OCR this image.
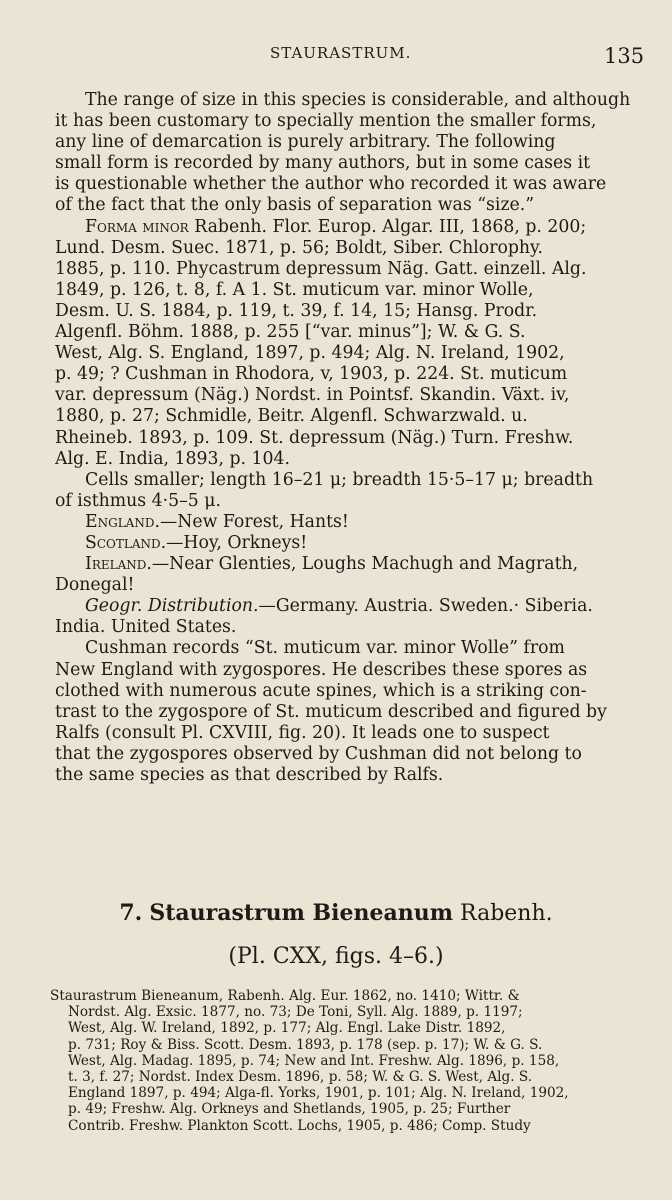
STAURASTRUM.	135
The range of size in this species is considerable, and although
it has been customary to specially mention the smaller forms,
any line of demarcation is purely arbitrary. The following
small form is recorded by many authors, but in some cases it
is questionable whether the author who recorded it was aware
of the fact that the only basis of separation was “size.”
Forma minor Rabenh. Flor. Europ. Algar. III, 1868, p. 200;
Lund. Desm. Suec. 1871, p. 56; Boldt, Siber. Chlorophy.
1885, p. 110. Phycastrum depressum Näg. Gatt. einzell. Alg.
1849, p. 126, t. 8, f. A 1. St. muticum var. minor Wolle,
Desm. U. S. 1884, p. 119, t. 39, f. 14, 15; Hansg. Prodr.
Algenfl. Böhm. 1888, p. 255 [“var. minus”]; W. & G. S.
West, Alg. S. England, 1897, p. 494; Alg. N. Ireland, 1902,
p. 49; ? Cushman in Rhodora, v, 1903, p. 224. St. muticum
var. depressum (Näg.) Nordst. in Pointsf. Skandin. Växt. iv,
1880, p. 27; Schmidle, Beitr. Algenfl. Schwarzwald. u.
Rheineb. 1893, p. 109. St. depressum (Näg.) Turn. Freshw.
Alg. E. India, 1893, p. 104.
Cells smaller; length 16–21 μ; breadth 15·5–17 μ; breadth
of isthmus 4·5–5 μ.
England.—New Forest, Hants!
Scotland.—Hoy, Orkneys!
Ireland.—Near Glenties, Loughs Machugh and Magrath,
Donegal!
Geogr. Distribution.—Germany. Austria. Sweden.· Siberia.
India. United States.
Cushman records “St. muticum var. minor Wolle” from
New England with zygospores. He describes these spores as
clothed with numerous acute spines, which is a striking con-
trast to the zygospore of St. muticum described and figured by
Ralfs (consult Pl. CXVIII, fig. 20). It leads one to suspect
that the zygospores observed by Cushman did not belong to
the same species as that described by Ralfs.
7. Staurastrum Bieneanum Rabenh.
(Pl. CXX, figs. 4–6.)
Staurastrum Bieneanum, Rabenh. Alg. Eur. 1862, no. 1410; Wittr. &
Nordst. Alg. Exsic. 1877, no. 73; De Toni, Syll. Alg. 1889, p. 1197;
West, Alg. W. Ireland, 1892, p. 177; Alg. Engl. Lake Distr. 1892,
p. 731; Roy & Biss. Scott. Desm. 1893, p. 178 (sep. p. 17); W. & G. S.
West, Alg. Madag. 1895, p. 74; New and Int. Freshw. Alg. 1896, p. 158,
t. 3, f. 27; Nordst. Index Desm. 1896, p. 58; W. & G. S. West, Alg. S.
England 1897, p. 494; Alga-fl. Yorks, 1901, p. 101; Alg. N. Ireland, 1902,
p. 49; Freshw. Alg. Orkneys and Shetlands, 1905, p. 25; Further
Contrib. Freshw. Plankton Scott. Lochs, 1905, p. 486; Comp. Study
